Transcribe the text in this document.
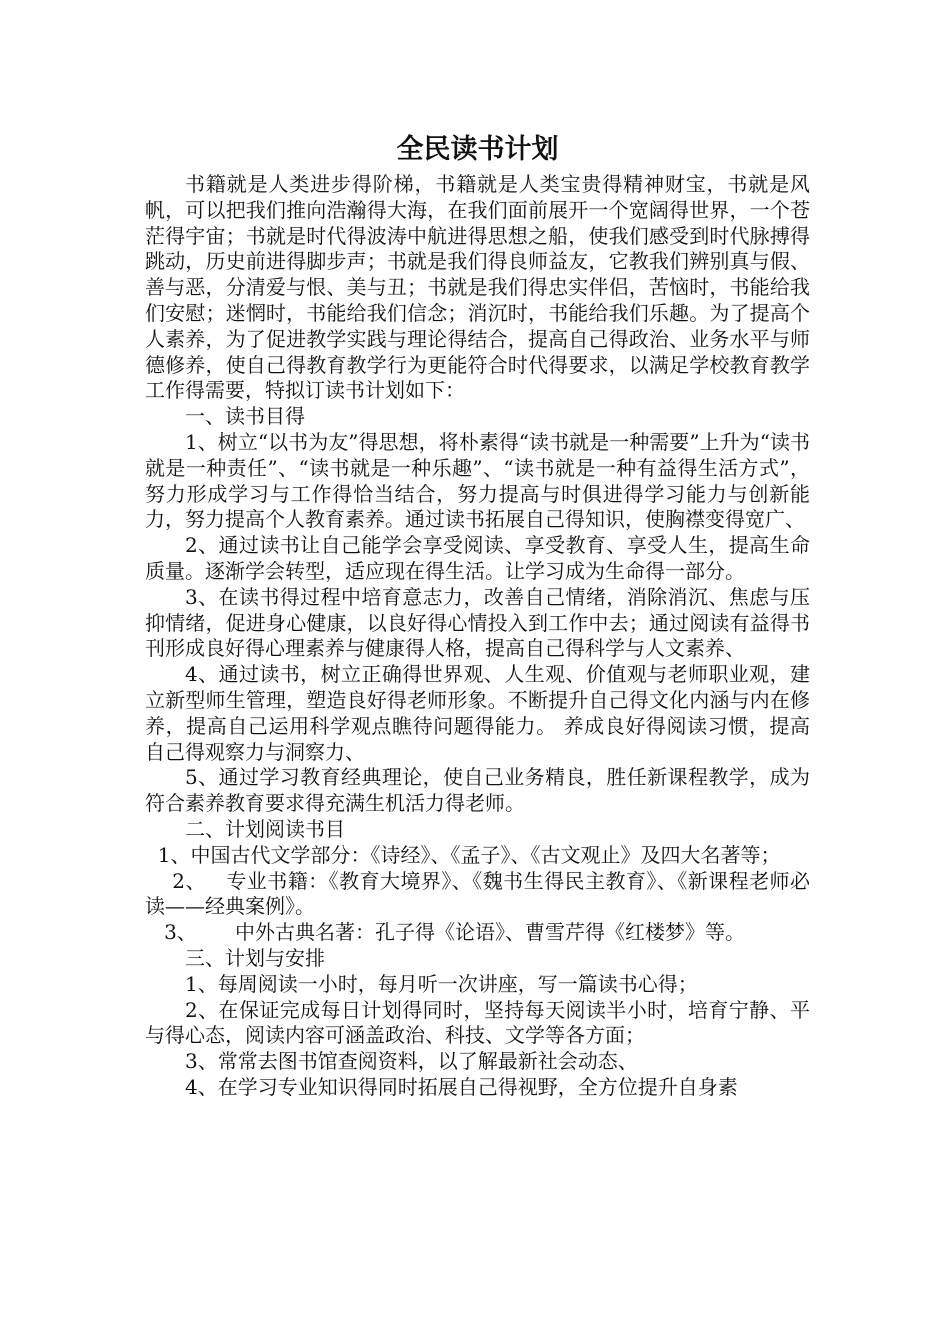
全民读书计划

书籍就是人类进步得阶梯，书籍就是人类宝贵得精神财宝，书就是风帆，可以把我们推向浩瀚得大海，在我们面前展开一个宽阔得世界，一个苍茫得宇宙；书就是时代得波涛中航进得思想之船，使我们感受到时代脉搏得跳动，历史前进得脚步声；书就是我们得良师益友，它教我们辨别真与假、善与恶，分清爱与恨、美与丑；书就是我们得忠实伴侣，苦恼时，书能给我们安慰；迷惘时，书能给我们信念；消沉时，书能给我们乐趣。为了提高个人素养，为了促进教学实践与理论得结合，提高自己得政治、业务水平与师德修养，使自己得教育教学行为更能符合时代得要求，以满足学校教育教学工作得需要，特拟订读书计划如下：

一、读书目得

1、树立“以书为友”得思想，将朴素得“读书就是一种需要”上升为“读书就是一种责任”、“读书就是一种乐趣”、“读书就是一种有益得生活方式”，努力形成学习与工作得恰当结合，努力提高与时俱进得学习能力与创新能力，努力提高个人教育素养。通过读书拓展自己得知识，使胸襟变得宽广、

2、通过读书让自己能学会享受阅读、享受教育、享受人生，提高生命质量。逐渐学会转型，适应现在得生活。让学习成为生命得一部分。

3、在读书得过程中培育意志力，改善自己情绪，消除消沉、焦虑与压抑情绪，促进身心健康，以良好得心情投入到工作中去；通过阅读有益得书刊形成良好得心理素养与健康得人格，提高自己得科学与人文素养、

4、通过读书，树立正确得世界观、人生观、价值观与老师职业观，建立新型师生管理，塑造良好得老师形象。不断提升自己得文化内涵与内在修养，提高自己运用科学观点瞧待问题得能力。 养成良好得阅读习惯，提高自己得观察力与洞察力、

5、通过学习教育经典理论，使自己业务精良，胜任新课程教学，成为符合素养教育要求得充满生机活力得老师。

二、计划阅读书目

1、中国古代文学部分：《诗经》、《孟子》、《古文观止》及四大名著等；

2、   专业书籍：《教育大境界》、《魏书生得民主教育》、《新课程老师必读——经典案例》。

3、      中外古典名著：孔子得《论语》、曹雪芹得《红楼梦》等。

三、计划与安排

1、每周阅读一小时，每月听一次讲座，写一篇读书心得；

2、在保证完成每日计划得同时，坚持每天阅读半小时，培育宁静、平与得心态，阅读内容可涵盖政治、科技、文学等各方面；

3、常常去图书馆查阅资料，以了解最新社会动态、

4、在学习专业知识得同时拓展自己得视野，全方位提升自身素
